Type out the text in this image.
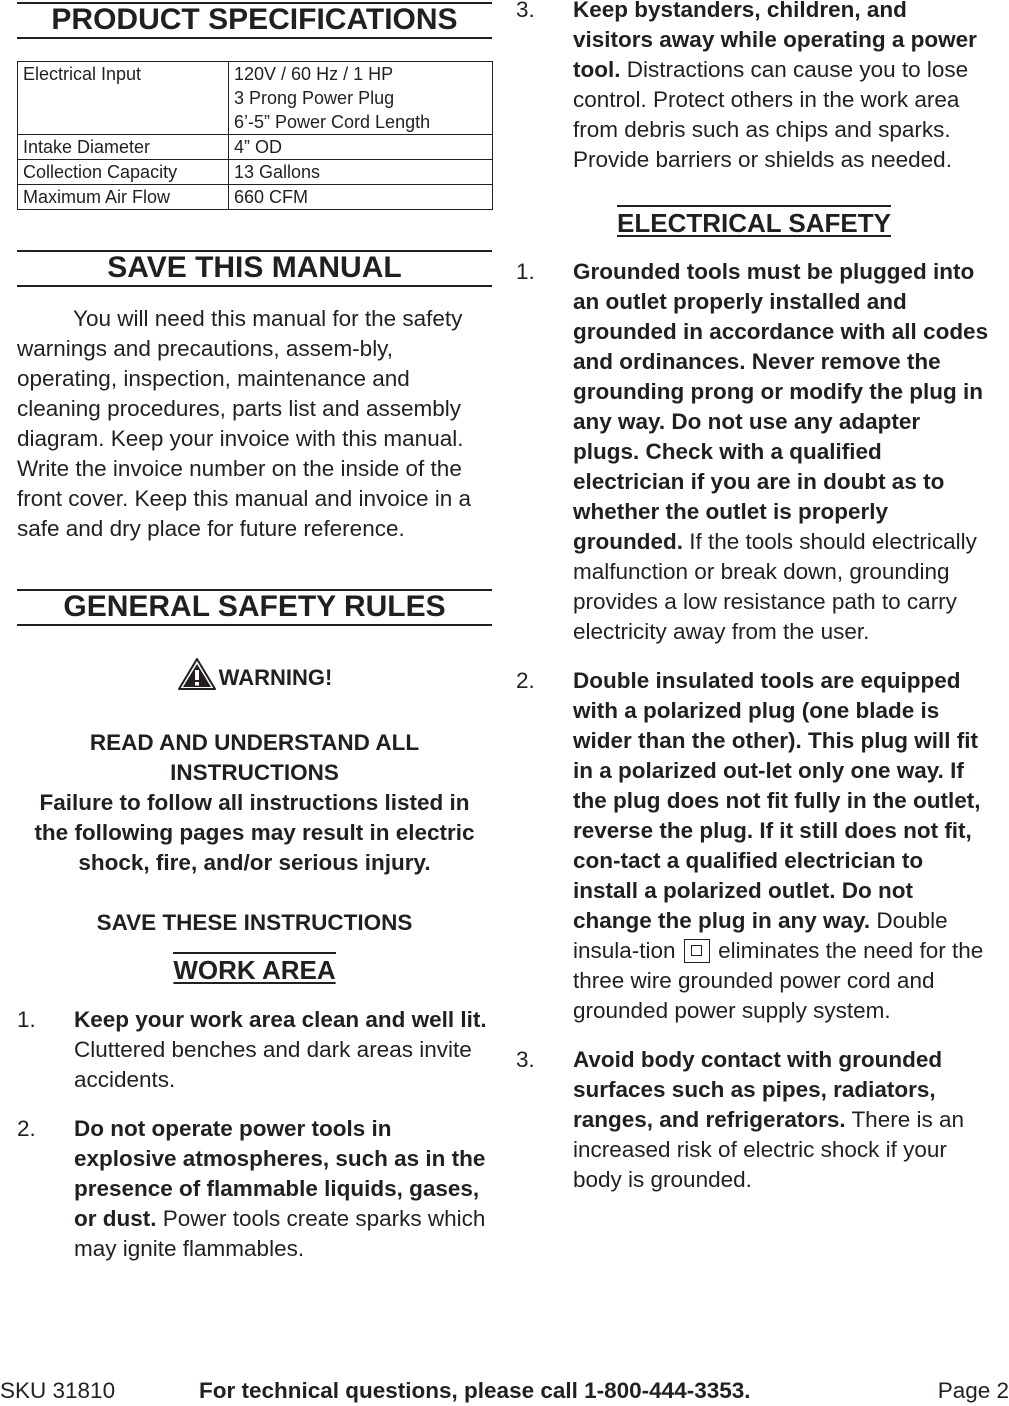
PRODUCT SPECIFICATIONS
Electrical Input	120V / 60 Hz / 1 HP
3 Prong Power Plug
6’-5” Power Cord Length

Intake Diameter	4” OD
Collection Capacity	13 Gallons
Maximum Air Flow	660 CFM
SAVE THIS MANUAL

You will need this manual for the safety warnings and precautions, assem-bly, operating, inspection, maintenance and cleaning procedures, parts list and assembly diagram. Keep your invoice with this manual. Write the invoice number on the inside of the front cover. Keep this manual and invoice in a safe and dry place for future reference.

GENERAL SAFETY RULES
WARNING!

READ AND UNDERSTAND ALL INSTRUCTIONS

Failure to follow all instructions listed in the following pages may result in electric shock, fire, and/or serious injury.

SAVE THESE INSTRUCTIONS

WORK AREA
1. Keep your work area clean and well lit. Cluttered benches and dark areas invite accidents.

2. Do not operate power tools in explosive atmospheres, such as in the presence of flammable liquids, gases, or dust. Power tools create sparks which may ignite flammables.

3. Keep bystanders, children, and visitors away while operating a power tool. Distractions can cause you to lose control. Protect others in the work area from debris such as chips and sparks. Provide barriers or shields as needed.

ELECTRICAL SAFETY
1. Grounded tools must be plugged into an outlet properly installed and grounded in accordance with all codes and ordinances. Never remove the grounding prong or modify the plug in any way. Do not use any adapter plugs. Check with a qualified electrician if you are in doubt as to whether the outlet is properly grounded. If the tools should electrically malfunction or break down, grounding provides a low resistance path to carry electricity away from the user.

2. Double insulated tools are equipped with a polarized plug (one blade is wider than the other). This plug will fit in a polarized out-let only one way. If the plug does not fit fully in the outlet, reverse the plug. If it still does not fit, con-tact a qualified electrician to install a polarized outlet. Do not change the plug in any way. Double insula-tion
eliminates the need for the three wire grounded power cord and grounded power supply system.

3. Avoid body contact with grounded surfaces such as pipes, radiators, ranges, and refrigerators. There is an increased risk of electric shock if your body is grounded.

SKU 31810	For technical questions, please call 1-800-444-3353.	Page 2
